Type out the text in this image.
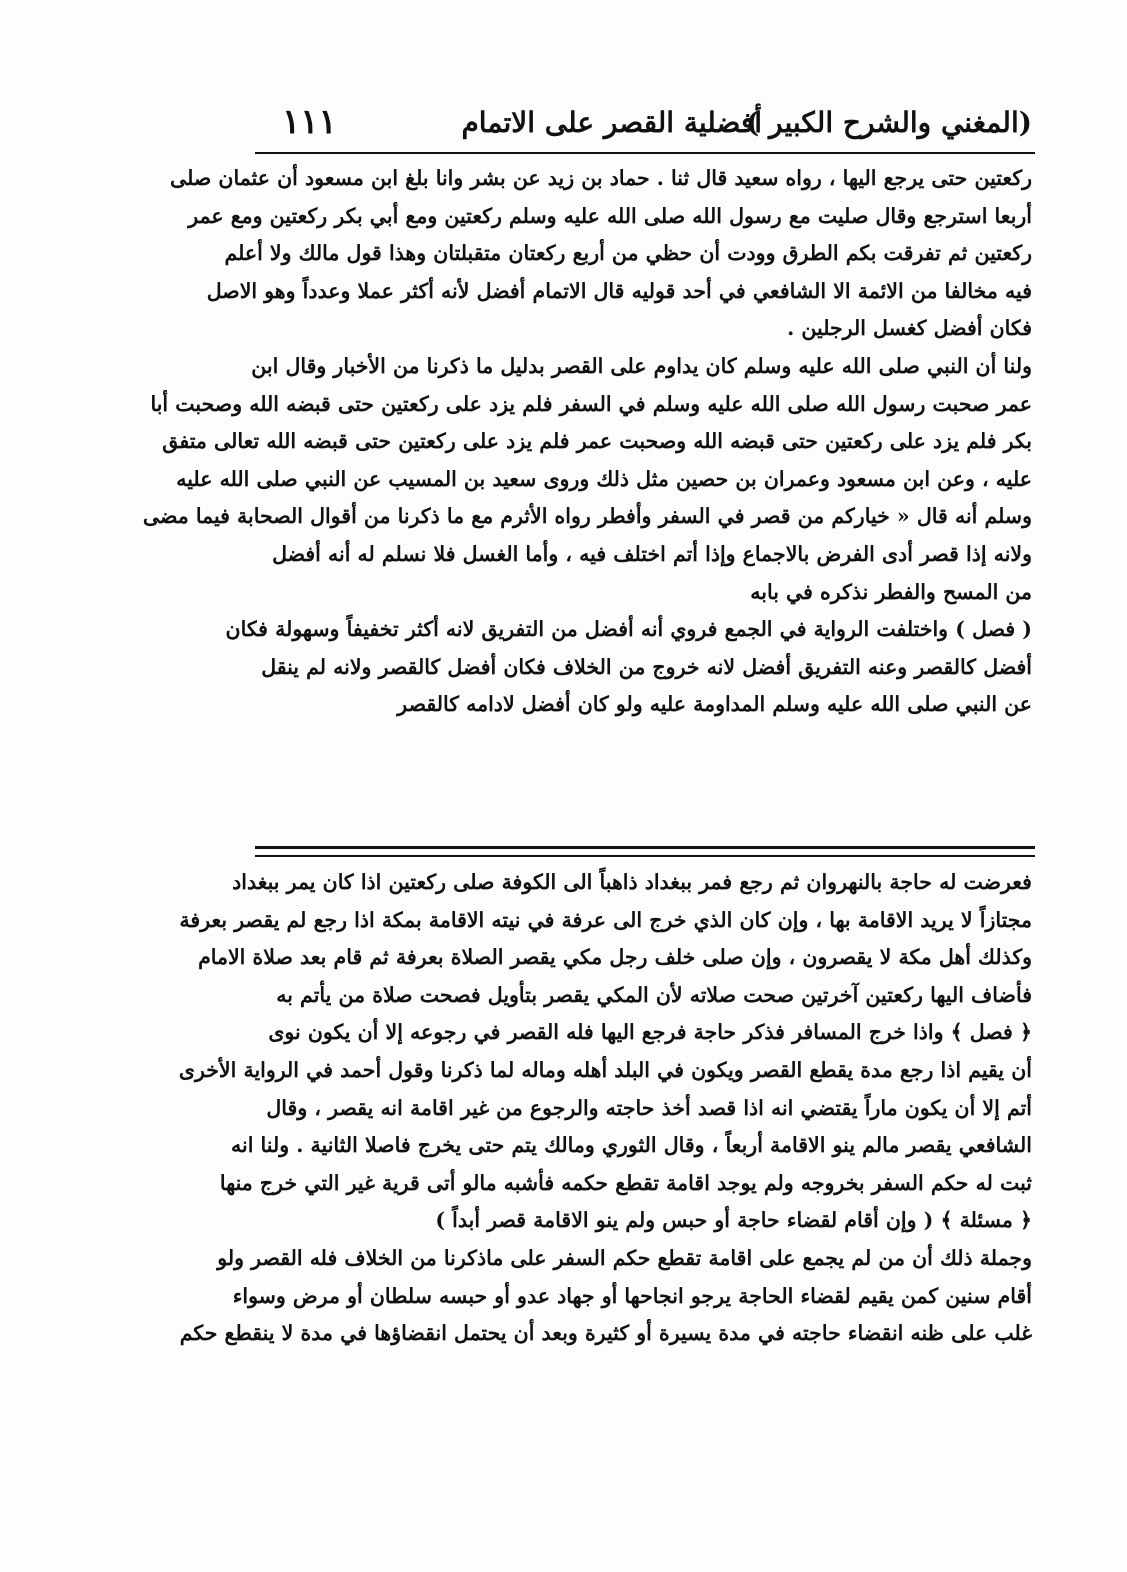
(المغني والشرح الكبير )
أفضلية القصر على الاتمام
١١١
ركعتين حتى يرجع اليها ، رواه سعيد قال ثنا . حماد بن زيد عن بشر وانا بلغ ابن مسعود أن عثمان صلى
أربعا استرجع وقال صليت مع رسول الله صلى الله عليه وسلم ركعتين ومع أبي بكر ركعتين ومع عمر
ركعتين ثم تفرقت بكم الطرق وودت أن حظي من أربع ركعتان متقبلتان وهذا قول مالك ولا أعلم
فيه مخالفا من الائمة الا الشافعي في أحد قوليه قال الاتمام أفضل لأنه أكثر عملا وعدداً وهو الاصل
فكان أفضل كغسل الرجلين .
ولنا أن النبي صلى الله عليه وسلم كان يداوم على القصر بدليل ما ذكرنا من الأخبار وقال ابن
عمر صحبت رسول الله صلى الله عليه وسلم في السفر فلم يزد على ركعتين حتى قبضه الله وصحبت أبا
بكر فلم يزد على ركعتين حتى قبضه الله وصحبت عمر فلم يزد على ركعتين حتى قبضه الله تعالى متفق
عليه ، وعن ابن مسعود وعمران بن حصين مثل ذلك وروى سعيد بن المسيب عن النبي صلى الله عليه
وسلم أنه قال « خياركم من قصر في السفر وأفطر رواه الأثرم مع ما ذكرنا من أقوال الصحابة فيما مضى
ولانه إذا قصر أدى الفرض بالاجماع وإذا أتم اختلف فيه ، وأما الغسل فلا نسلم له أنه أفضل
من المسح والفطر نذكره في بابه
( فصل ) واختلفت الرواية في الجمع فروي أنه أفضل من التفريق لانه أكثر تخفيفاً وسهولة فكان
أفضل كالقصر وعنه التفريق أفضل لانه خروج من الخلاف فكان أفضل كالقصر ولانه لم ينقل
عن النبي صلى الله عليه وسلم المداومة عليه ولو كان أفضل لادامه كالقصر
فعرضت له حاجة بالنهروان ثم رجع فمر ببغداد ذاهباً الى الكوفة صلى ركعتين اذا كان يمر ببغداد
مجتازاً لا يريد الاقامة بها ، وإن كان الذي خرج الى عرفة في نيته الاقامة بمكة اذا رجع لم يقصر بعرفة
وكذلك أهل مكة لا يقصرون ، وإن صلى خلف رجل مكي يقصر الصلاة بعرفة ثم قام بعد صلاة الامام
فأضاف اليها ركعتين آخرتين صحت صلاته لأن المكي يقصر بتأويل فصحت صلاة من يأتم به
﴿ فصل ﴾ واذا خرج المسافر فذكر حاجة فرجع اليها فله القصر في رجوعه إلا أن يكون نوى
أن يقيم اذا رجع مدة يقطع القصر ويكون في البلد أهله وماله لما ذكرنا وقول أحمد في الرواية الأخرى
أتم إلا أن يكون ماراً يقتضي انه اذا قصد أخذ حاجته والرجوع من غير اقامة انه يقصر ، وقال
الشافعي يقصر مالم ينو الاقامة أربعاً ، وقال الثوري ومالك يتم حتى يخرج فاصلا الثانية . ولنا انه
ثبت له حكم السفر بخروجه ولم يوجد اقامة تقطع حكمه فأشبه مالو أتى قرية غير التي خرج منها
﴿ مسئلة ﴾ ( وإن أقام لقضاء حاجة أو حبس ولم ينو الاقامة قصر أبداً )
وجملة ذلك أن من لم يجمع على اقامة تقطع حكم السفر على ماذكرنا من الخلاف فله القصر ولو
أقام سنين كمن يقيم لقضاء الحاجة يرجو انجاحها أو جهاد عدو أو حبسه سلطان أو مرض وسواء
غلب على ظنه انقضاء حاجته في مدة يسيرة أو كثيرة وبعد أن يحتمل انقضاؤها في مدة لا ينقطع حكم
